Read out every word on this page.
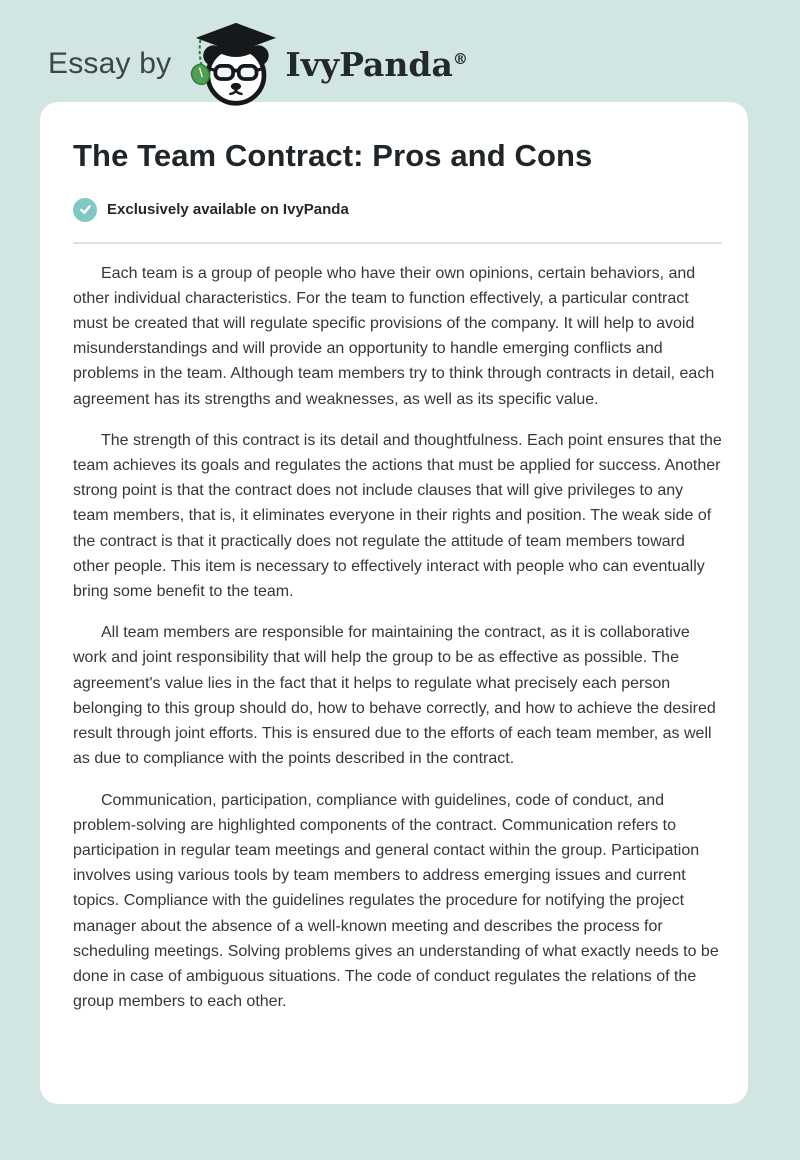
Essay by	IvyPanda®
The Team Contract: Pros and Cons
Exclusively available on IvyPanda

Each team is a group of people who have their own opinions, certain behaviors, and other individual characteristics. For the team to function effectively, a particular contract must be created that will regulate specific provisions of the company. It will help to avoid misunderstandings and will provide an opportunity to handle emerging conflicts and problems in the team. Although team members try to think through contracts in detail, each agreement has its strengths and weaknesses, as well as its specific value.

The strength of this contract is its detail and thoughtfulness. Each point ensures that the team achieves its goals and regulates the actions that must be applied for success. Another strong point is that the contract does not include clauses that will give privileges to any team members, that is, it eliminates everyone in their rights and position. The weak side of the contract is that it practically does not regulate the attitude of team members toward other people. This item is necessary to effectively interact with people who can eventually bring some benefit to the team.

All team members are responsible for maintaining the contract, as it is collaborative work and joint responsibility that will help the group to be as effective as possible. The agreement's value lies in the fact that it helps to regulate what precisely each person belonging to this group should do, how to behave correctly, and how to achieve the desired result through joint efforts. This is ensured due to the efforts of each team member, as well as due to compliance with the points described in the contract.

Communication, participation, compliance with guidelines, code of conduct, and problem-solving are highlighted components of the contract. Communication refers to participation in regular team meetings and general contact within the group. Participation involves using various tools by team members to address emerging issues and current topics. Compliance with the guidelines regulates the procedure for notifying the project manager about the absence of a well-known meeting and describes the process for scheduling meetings. Solving problems gives an understanding of what exactly needs to be done in case of ambiguous situations. The code of conduct regulates the relations of the group members to each other.
